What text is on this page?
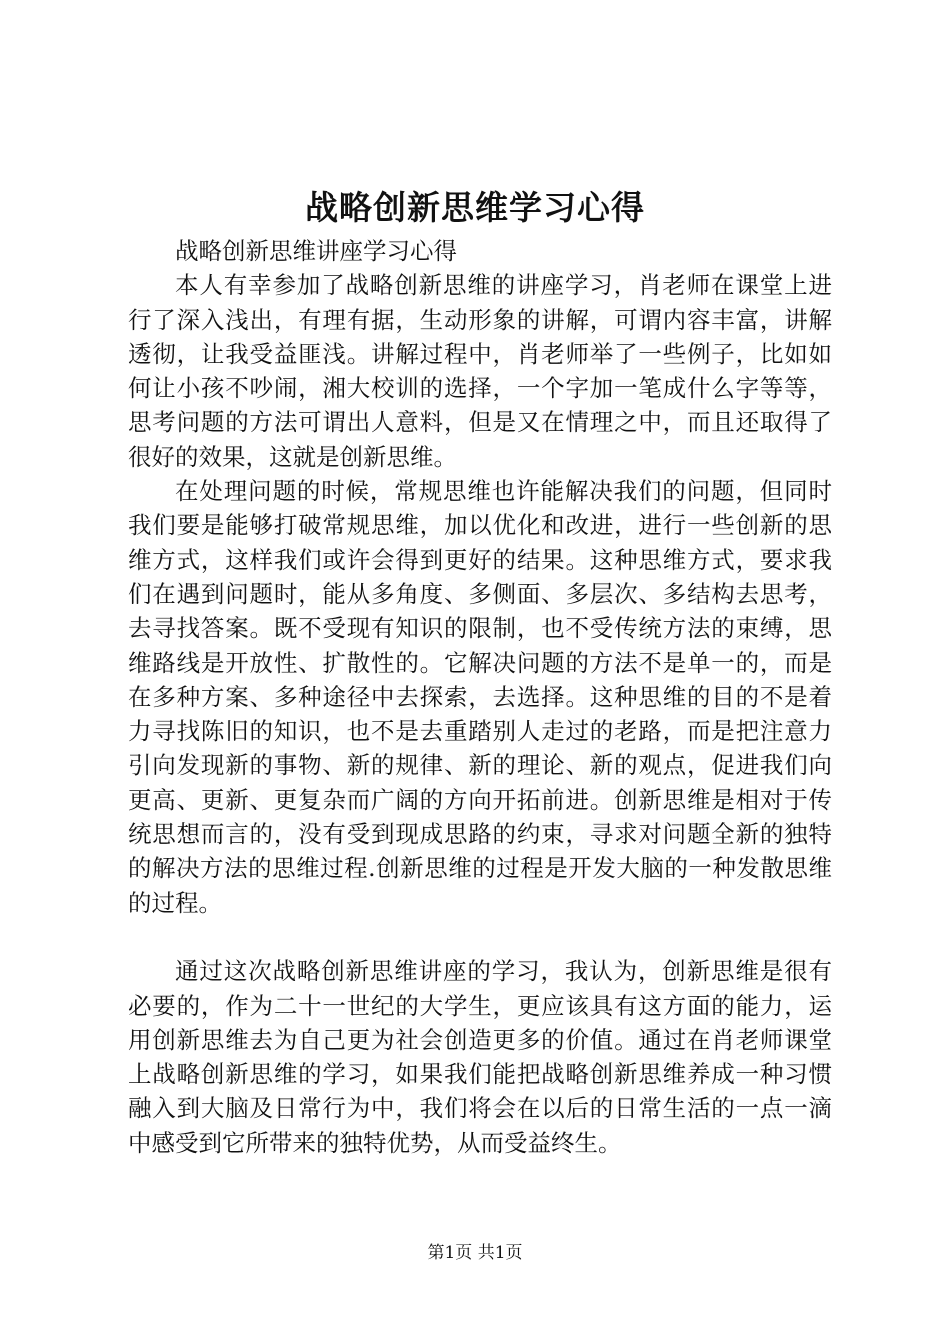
战略创新思维学习心得

战略创新思维讲座学习心得

本人有幸参加了战略创新思维的讲座学习，肖老师在课堂上进行了深入浅出，有理有据，生动形象的讲解，可谓内容丰富，讲解透彻，让我受益匪浅。讲解过程中，肖老师举了一些例子，比如如何让小孩不吵闹，湘大校训的选择，一个字加一笔成什么字等等，思考问题的方法可谓出人意料，但是又在情理之中，而且还取得了很好的效果，这就是创新思维。

在处理问题的时候，常规思维也许能解决我们的问题，但同时我们要是能够打破常规思维，加以优化和改进，进行一些创新的思维方式，这样我们或许会得到更好的结果。这种思维方式，要求我们在遇到问题时，能从多角度、多侧面、多层次、多结构去思考，去寻找答案。既不受现有知识的限制，也不受传统方法的束缚，思维路线是开放性、扩散性的。它解决问题的方法不是单一的，而是在多种方案、多种途径中去探索，去选择。这种思维的目的不是着力寻找陈旧的知识，也不是去重踏别人走过的老路，而是把注意力引向发现新的事物、新的规律、新的理论、新的观点，促进我们向更高、更新、更复杂而广阔的方向开拓前进。创新思维是相对于传统思想而言的，没有受到现成思路的约束，寻求对问题全新的独特的解决方法的思维过程.创新思维的过程是开发大脑的一种发散思维的过程。

通过这次战略创新思维讲座的学习，我认为，创新思维是很有必要的，作为二十一世纪的大学生，更应该具有这方面的能力，运用创新思维去为自己更为社会创造更多的价值。通过在肖老师课堂上战略创新思维的学习，如果我们能把战略创新思维养成一种习惯融入到大脑及日常行为中，我们将会在以后的日常生活的一点一滴中感受到它所带来的独特优势，从而受益终生。

第1页 共1页
